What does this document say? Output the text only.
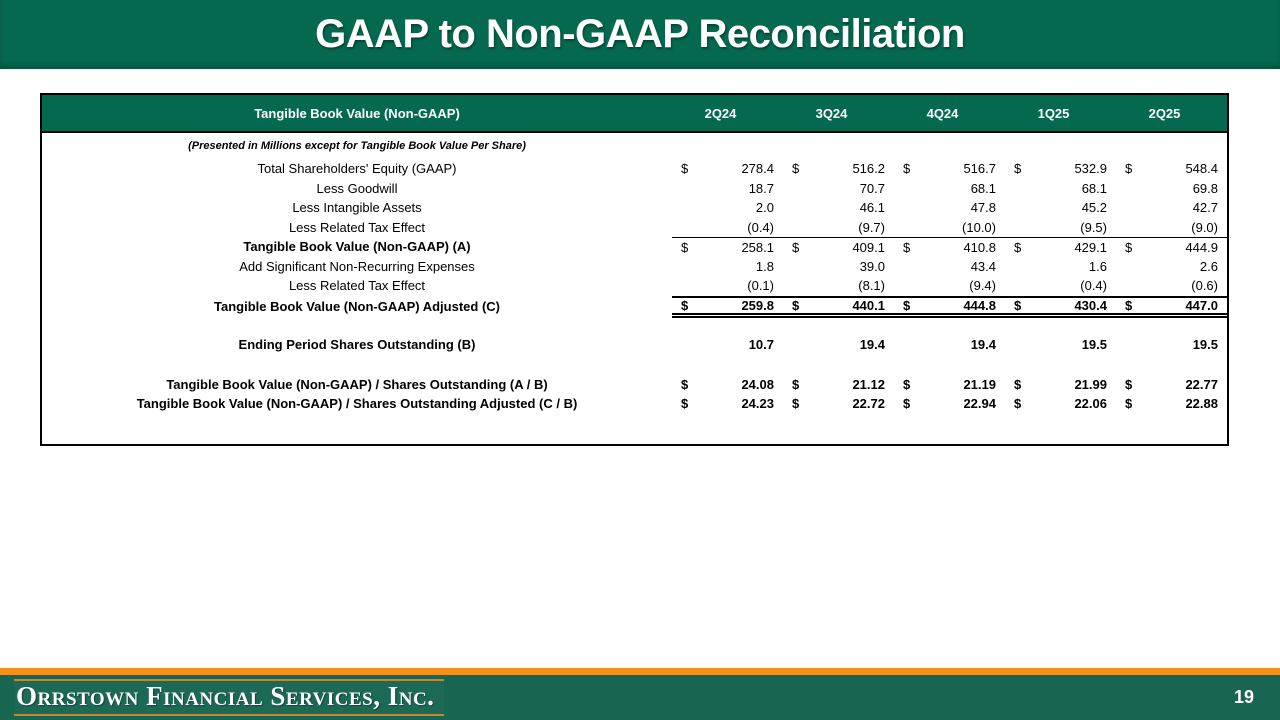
GAAP to Non-GAAP Reconciliation
Tangible Book Value (Non-GAAP)	2Q24	3Q24	4Q24	1Q25	2Q25
(Presented in Millions except for Tangible Book Value Per Share)
Total Shareholders' Equity (GAAP)	$	278.4	$	516.2	$	516.7	$	532.9	$	548.4
Less Goodwill	18.7	70.7	68.1	68.1	69.8
Less Intangible Assets	2.0	46.1	47.8	45.2	42.7
Less Related Tax Effect	(0.4)	(9.7)	(10.0)	(9.5)	(9.0)
Tangible Book Value (Non-GAAP) (A)	$	258.1	$	409.1	$	410.8	$	429.1	$	444.9
Add Significant Non-Recurring Expenses	1.8	39.0	43.4	1.6	2.6
Less Related Tax Effect	(0.1)	(8.1)	(9.4)	(0.4)	(0.6)
Tangible Book Value (Non-GAAP) Adjusted (C)	$	259.8	$	440.1	$	444.8	$	430.4	$	447.0
Ending Period Shares Outstanding (B)	10.7	19.4	19.4	19.5	19.5
Tangible Book Value (Non-GAAP) / Shares Outstanding (A / B)	$	24.08	$	21.12	$	21.19	$	21.99	$	22.77
Tangible Book Value (Non-GAAP) / Shares Outstanding Adjusted (C / B)	$	24.23	$	22.72	$	22.94	$	22.06	$	22.88
Orrstown Financial Services, Inc.	19
